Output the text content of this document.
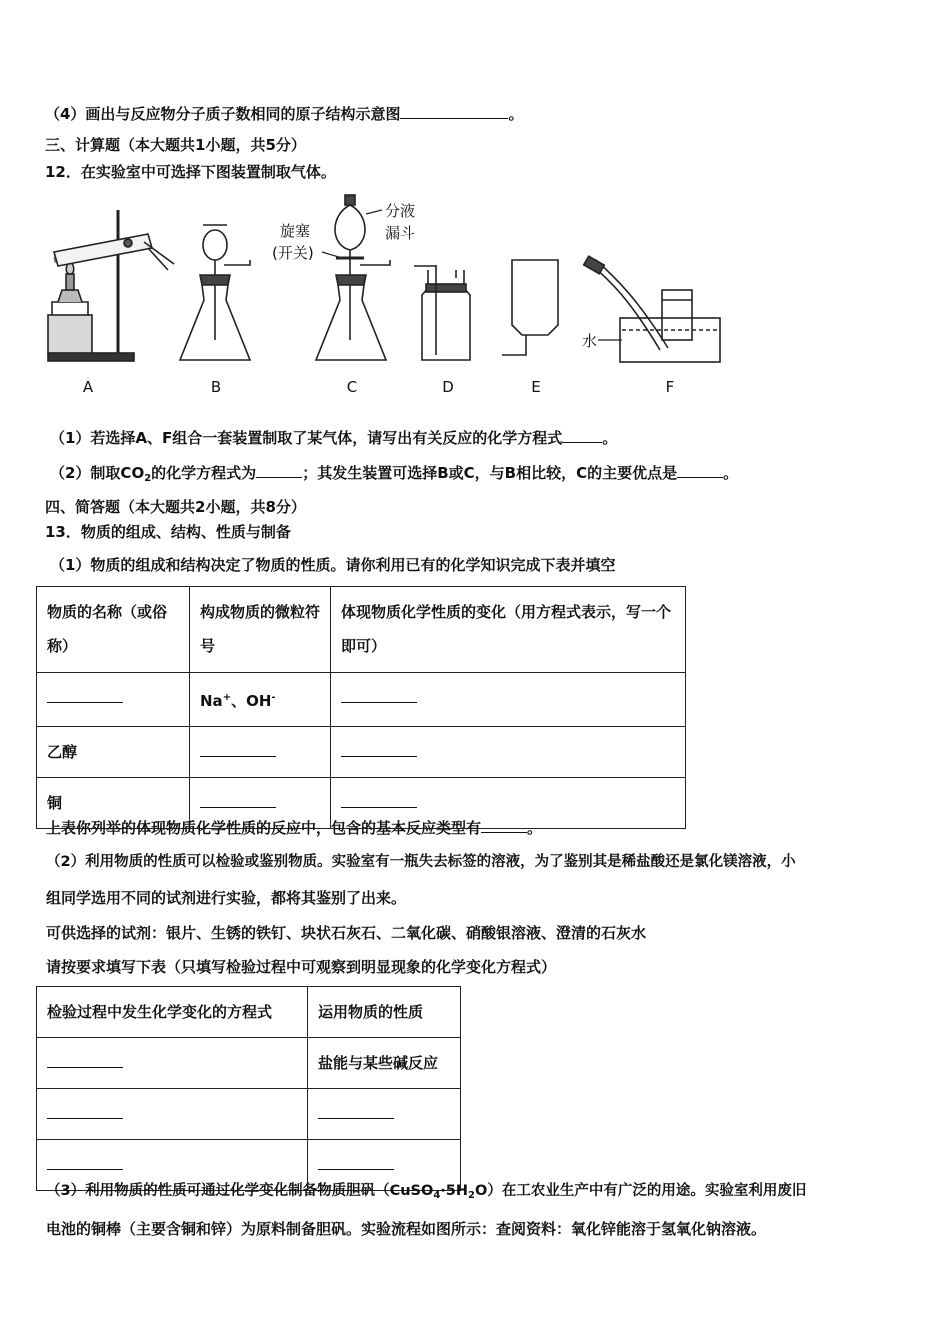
（4）画出与反应物分子质子数相同的原子结构示意图	。
三、计算题（本大题共1小题，共5分）
12．在实验室中可选择下图装置制取气体。
A	B	C	D	E	F
旋塞
(开关)
分液
漏斗
水
（1）若选择A、F组合一套装置制取了某气体，请写出有关反应的化学方程式	。
（2）制取$CO_2$的化学方程式为	；其发生装置可选择B或C，与B相比较，C的主要优点是	。
四、简答题（本大题共2小题，共8分）
13．物质的组成、结构、性质与制备
（1）物质的组成和结构决定了物质的性质。请你利用已有的化学知识完成下表并填空
物质的名称（或俗称）	构成物质的微粒符号	体现物质化学性质的变化（用方程式表示，写一个即可）
	Na+、OH-	
乙醇		
铜		
上表你列举的体现物质化学性质的反应中，包含的基本反应类型有	。
（2）利用物质的性质可以检验或鉴别物质。实验室有一瓶失去标签的溶液，为了鉴别其是稀盐酸还是氯化镁溶液，小
组同学选用不同的试剂进行实验，都将其鉴别了出来。
可供选择的试剂：银片、生锈的铁钉、块状石灰石、二氧化碳、硝酸银溶液、澄清的石灰水
请按要求填写下表（只填写检验过程中可观察到明显现象的化学变化方程式）
检验过程中发生化学变化的方程式	运用物质的性质
	盐能与某些碱反应

（3）利用物质的性质可通过化学变化制备物质胆矾$(CuSO_4\cdot 5H_2O)$在工农业生产中有广泛的用途。实验室利用废旧
电池的铜棒（主要含铜和锌）为原料制备胆矾。实验流程如图所示：查阅资料：氧化锌能溶于氢氧化钠溶液。
